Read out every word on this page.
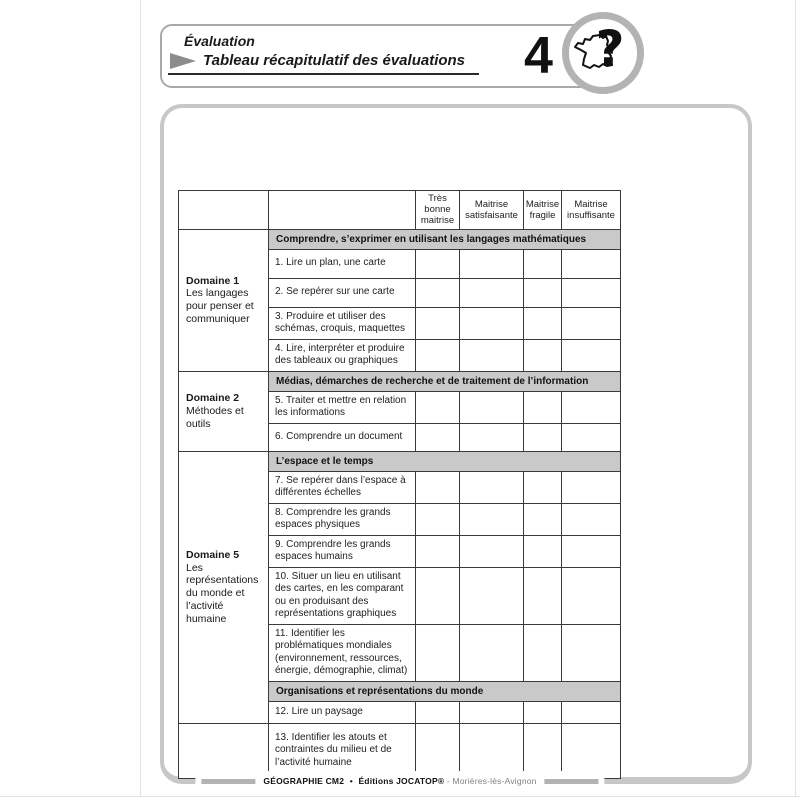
Évaluation
Tableau récapitulatif des évaluations 4 ?
		Très bonne maitrise	Maitrise satisfaisante	Maitrise fragile	Maitrise insuffisante

Domaine 1
Les langages pour penser et communiquer	Comprendre, s’exprimer en utilisant les langages mathématiques				
	1. Lire un plan, une carte				
	2. Se repérer sur une carte				
	3. Produire et utiliser des schémas, croquis, maquettes				
	4. Lire, interpréter et produire des tableaux ou graphiques				

Domaine 2
Méthodes et outils	Médias, démarches de recherche et de traitement de l’information				
	5. Traiter et mettre en relation les informations				
	6. Comprendre un document				

Domaine 5
Les représentations du monde et l’activité humaine	L’espace et le temps				
	7. Se repérer dans l’espace à différentes échelles				
	8. Comprendre les grands espaces physiques				
	9. Comprendre les grands espaces humains				
	10. Situer un lieu en utilisant des cartes, en les comparant ou en produisant des représentations graphiques				
	11. Identifier les problématiques mondiales (environnement, ressources, énergie, démographie, climat)				
	Organisations et représentations du monde				
	12. Lire un paysage				
	13. Identifier les atouts et contraintes du milieu et de l’activité humaine				
GÉOGRAPHIE CM2 • Éditions JOCATOP® - Morières-lès-Avignon
